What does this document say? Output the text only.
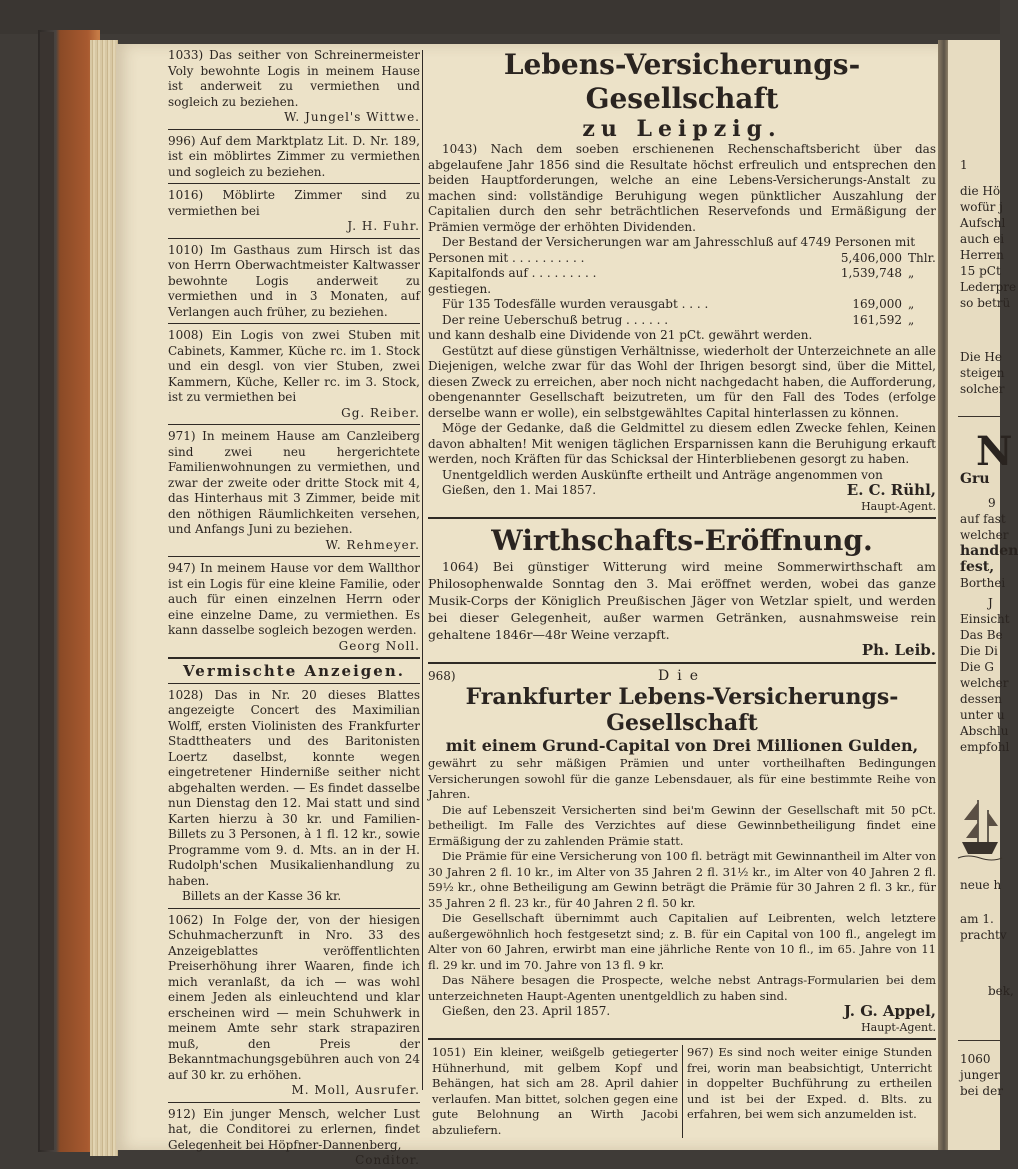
1033) Das seither von Schreinermeister Voly bewohnte Logis in meinem Hause ist anderweit zu vermiethen und sogleich zu beziehen.

W. Jungel's Wittwe.

996) Auf dem Marktplatz Lit. D. Nr. 189, ist ein möblirtes Zimmer zu vermiethen und sogleich zu beziehen.

1016) Möblirte Zimmer sind zu vermiethen bei

J. H. Fuhr.

1010) Im Gasthaus zum Hirsch ist das von Herrn Oberwachtmeister Kaltwasser bewohnte Logis anderweit zu vermiethen und in 3 Monaten, auf Verlangen auch früher, zu beziehen.

1008) Ein Logis von zwei Stuben mit Cabinets, Kammer, Küche rc. im 1. Stock und ein desgl. von vier Stuben, zwei Kammern, Küche, Keller rc. im 3. Stock, ist zu vermiethen bei

Gg. Reiber.

971) In meinem Hause am Canzleiberg sind zwei neu hergerichtete Familienwohnungen zu vermiethen, und zwar der zweite oder dritte Stock mit 4, das Hinterhaus mit 3 Zimmer, beide mit den nöthigen Räumlichkeiten versehen, und Anfangs Juni zu beziehen.

W. Rehmeyer.

947) In meinem Hause vor dem Wallthor ist ein Logis für eine kleine Familie, oder auch für einen einzelnen Herrn oder eine einzelne Dame, zu vermiethen. Es kann dasselbe sogleich bezogen werden.

Georg Noll.

Vermischte Anzeigen.

1028) Das in Nr. 20 dieses Blattes angezeigte Concert des Maximilian Wolff, ersten Violinisten des Frankfurter Stadttheaters und des Baritonisten Loertz daselbst, konnte wegen eingetretener Hinderniße seither nicht abgehalten werden. — Es findet dasselbe nun Dienstag den 12. Mai statt und sind Karten hierzu à 30 kr. und Familien-Billets zu 3 Personen, à 1 fl. 12 kr., sowie Programme vom 9. d. Mts. an in der H. Rudolph'schen Musikalienhandlung zu haben.

Billets an der Kasse 36 kr.

1062) In Folge der, von der hiesigen Schuhmacherzunft in Nro. 33 des Anzeigeblattes veröffentlichten Preiserhöhung ihrer Waaren, finde ich mich veranlaßt, da ich — was wohl einem Jeden als einleuchtend und klar erscheinen wird — mein Schuhwerk in meinem Amte sehr stark strapaziren muß, den Preis der Bekanntmachungsgebühren auch von 24 auf 30 kr. zu erhöhen.

M. Moll, Ausrufer.

912) Ein junger Mensch, welcher Lust hat, die Conditorei zu erlernen, findet Gelegenheit bei Höpfner-Dannenberg,

Conditor.

Lebens-Versicherungs-Gesellschaft

zu Leipzig.

1043) Nach dem soeben erschienenen Rechenschaftsbericht über das abgelaufene Jahr 1856 sind die Resultate höchst erfreulich und entsprechen den beiden Hauptforderungen, welche an eine Lebens-Versicherungs-Anstalt zu machen sind: vollständige Beruhigung wegen pünktlicher Auszahlung der Capitalien durch den sehr beträchtlichen Reservefonds und Ermäßigung der Prämien vermöge der erhöhten Dividenden.

Der Bestand der Versicherungen war am Jahresschluß auf 4749 Personen mit

Personen mit . . . . . . . . . .	5,406,000 Thlr.
Kapitalfonds auf . . . . . . . . .	1,539,748 „
gestiegen.
Für 135 Todesfälle wurden verausgabt . . . .	169,000 „
Der reine Ueberschuß betrug . . . . . .	161,592 „

und kann deshalb eine Dividende von 21 pCt. gewährt werden.

Gestützt auf diese günstigen Verhältnisse, wiederholt der Unterzeichnete an alle Diejenigen, welche zwar für das Wohl der Ihrigen besorgt sind, über die Mittel, diesen Zweck zu erreichen, aber noch nicht nachgedacht haben, die Aufforderung, obengenannter Gesellschaft beizutreten, um für den Fall des Todes (erfolge derselbe wann er wolle), ein selbstgewähltes Capital hinterlassen zu können.

Möge der Gedanke, daß die Geldmittel zu diesem edlen Zwecke fehlen, Keinen davon abhalten! Mit wenigen täglichen Ersparnissen kann die Beruhigung erkauft werden, noch Kräften für das Schicksal der Hinterbliebenen gesorgt zu haben.

Unentgeldlich werden Auskünfte ertheilt und Anträge angenommen von

Gießen, den 1. Mai 1857.	E. C. Rühl,

Haupt-Agent.

Wirthschafts-Eröffnung.

1064) Bei günstiger Witterung wird meine Sommerwirthschaft am Philosophenwalde Sonntag den 3. Mai eröffnet werden, wobei das ganze Musik-Corps der Königlich Preußischen Jäger von Wetzlar spielt, und werden bei dieser Gelegenheit, außer warmen Getränken, ausnahmsweise rein gehaltene 1846r—48r Weine verzapft.

Ph. Leib.

968)	Die

Frankfurter Lebens-Versicherungs-Gesellschaft

mit einem Grund-Capital von Drei Millionen Gulden,

gewährt zu sehr mäßigen Prämien und unter vortheilhaften Bedingungen Versicherungen sowohl für die ganze Lebensdauer, als für eine bestimmte Reihe von Jahren.

Die auf Lebenszeit Versicherten sind bei'm Gewinn der Gesellschaft mit 50 pCt. betheiligt. Im Falle des Verzichtes auf diese Gewinnbetheiligung findet eine Ermäßigung der zu zahlenden Prämie statt.

Die Prämie für eine Versicherung von 100 fl. beträgt mit Gewinnantheil im Alter von 30 Jahren 2 fl. 10 kr., im Alter von 35 Jahren 2 fl. 31½ kr., im Alter von 40 Jahren 2 fl. 59½ kr., ohne Betheiligung am Gewinn beträgt die Prämie für 30 Jahren 2 fl. 3 kr., für 35 Jahren 2 fl. 23 kr., für 40 Jahren 2 fl. 50 kr.

Die Gesellschaft übernimmt auch Capitalien auf Leibrenten, welch letztere außergewöhnlich hoch festgesetzt sind; z. B. für ein Capital von 100 fl., angelegt im Alter von 60 Jahren, erwirbt man eine jährliche Rente von 10 fl., im 65. Jahre von 11 fl. 29 kr. und im 70. Jahre von 13 fl. 9 kr.

Das Nähere besagen die Prospecte, welche nebst Antrags-Formularien bei dem unterzeichneten Haupt-Agenten unentgeldlich zu haben sind.

Gießen, den 23. April 1857.	J. G. Appel,

Haupt-Agent.

1051) Ein kleiner, weißgelb getiegerter Hühnerhund, mit gelbem Kopf und Behängen, hat sich am 28. April dahier verlaufen. Man bittet, solchen gegen eine gute Belohnung an Wirth Jacobi abzuliefern.

967) Es sind noch weiter einige Stunden frei, worin man beabsichtigt, Unterricht in doppelter Buchführung zu ertheilen und ist bei der Exped. d. Blts. zu erfahren, bei wem sich anzumelden ist.

1
die Hö
wofür j
Aufschl
auch ei
Herren
15 pCt
Lederpre
so betrü
Die He
steigen
solcher
N
Gru
9
auf fast
welcher
handen
fest,
Borthei
J
Einsicht
Das Be
Die Di
Die G
welcher
dessen
unter u
Abschlu
empfohl
neue h
am 1.
prachtv
bek,
1060
junger
bei der
